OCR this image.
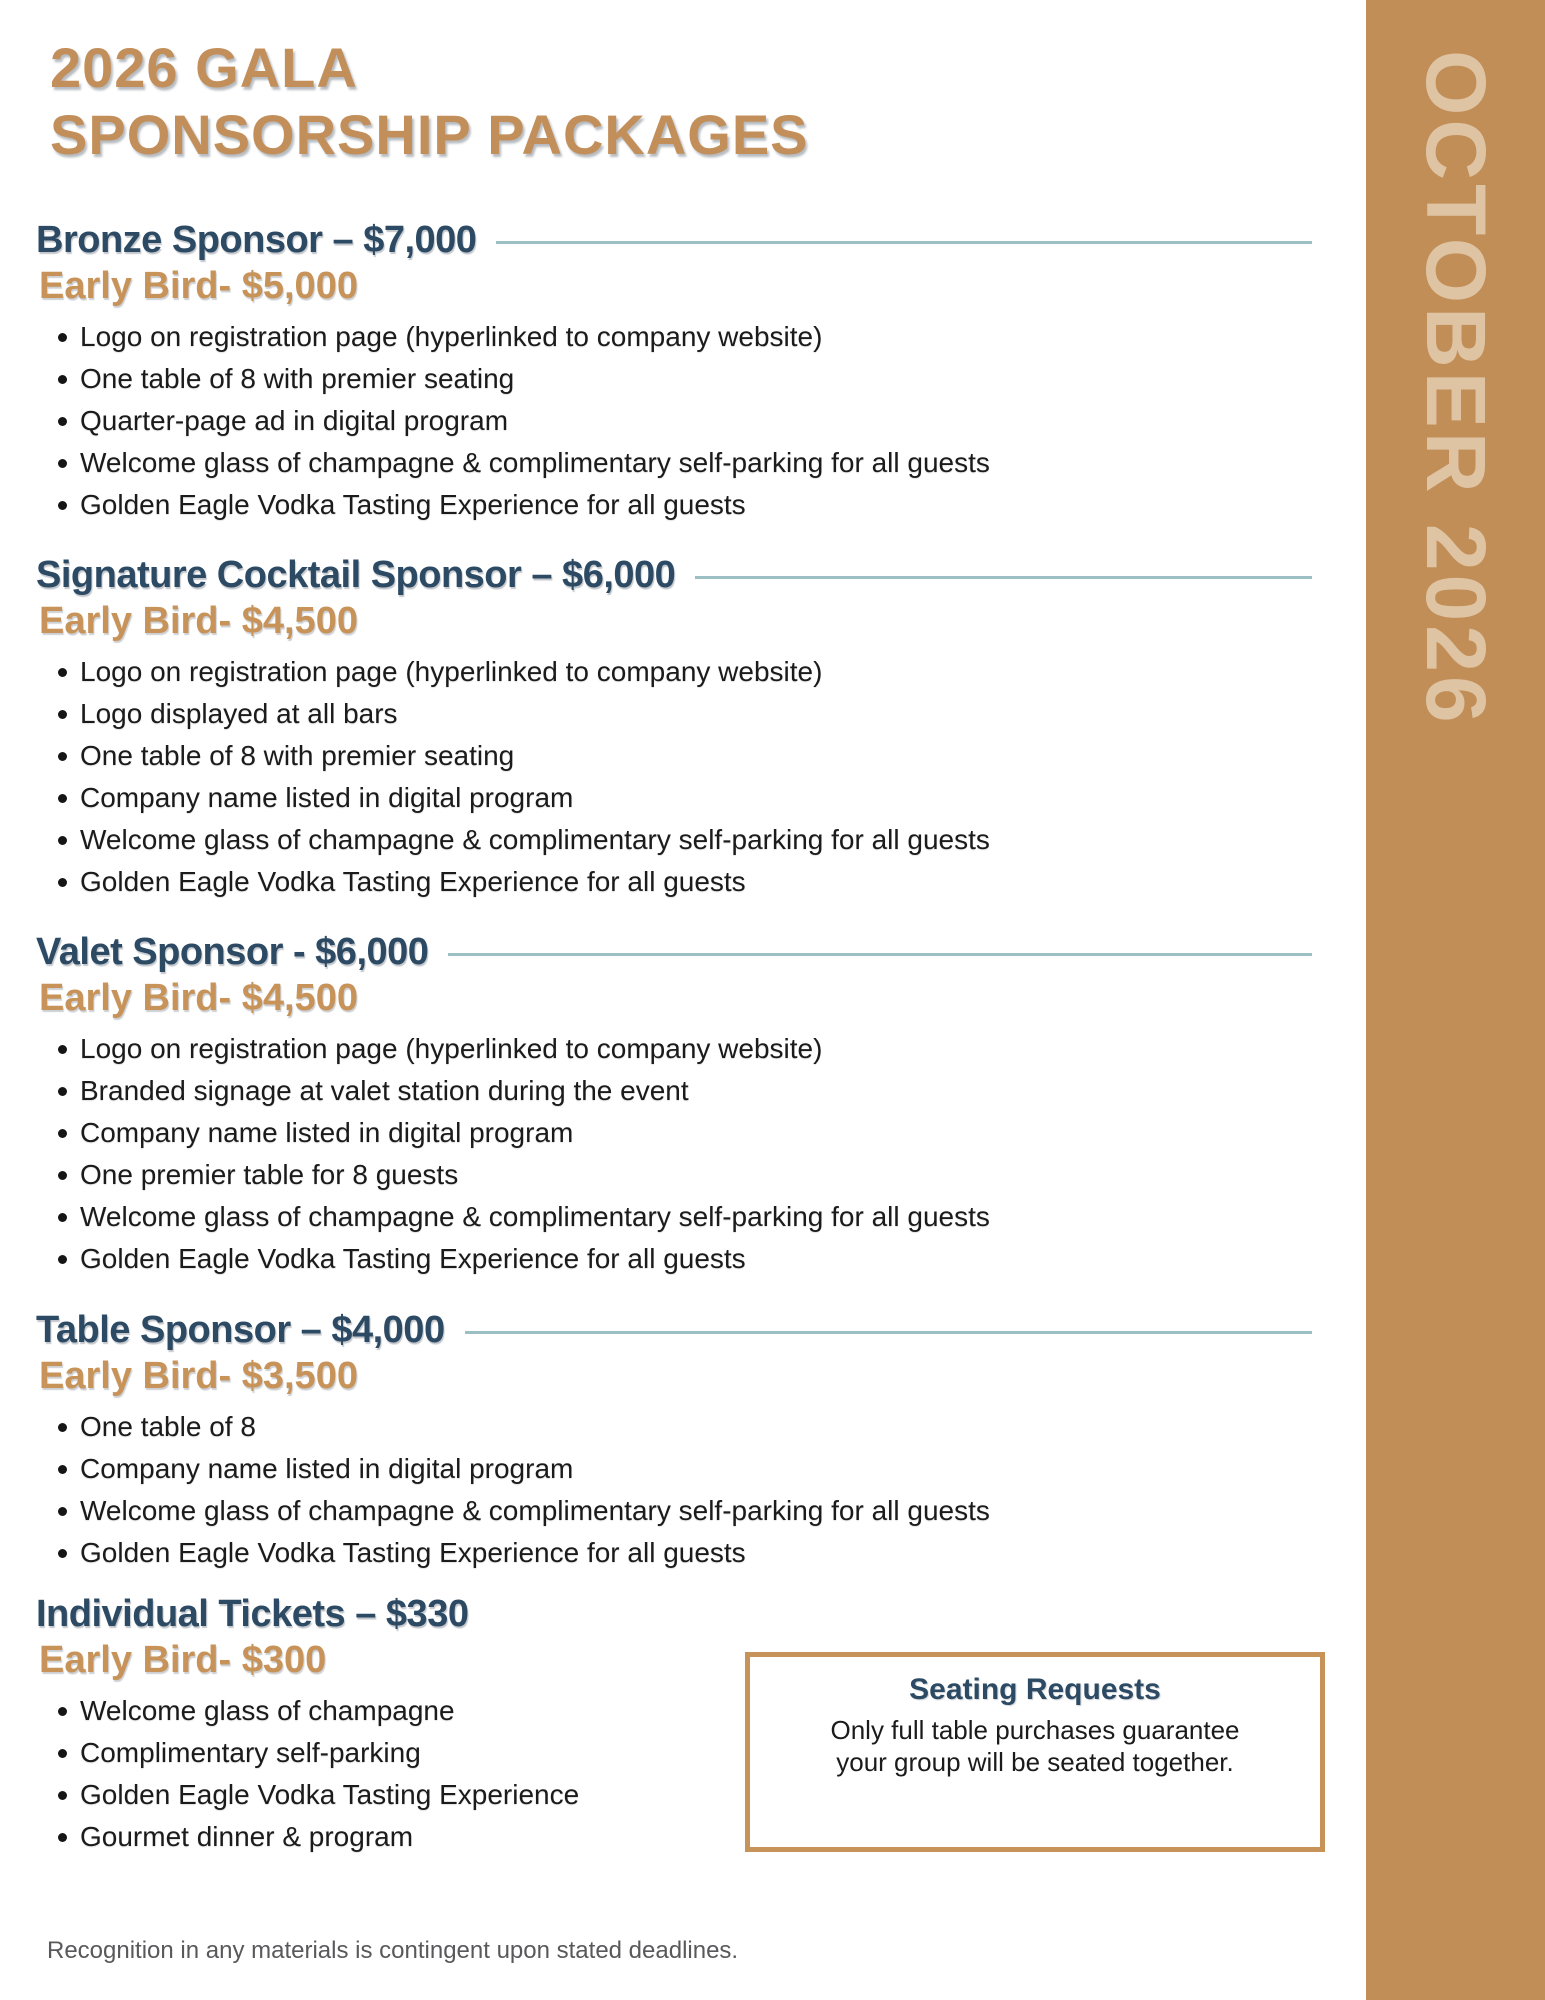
2026 GALA
SPONSORSHIP PACKAGES
Bronze Sponsor – $7,000
Early Bird- $5,000
Logo on registration page (hyperlinked to company website)
One table of 8 with premier seating
Quarter-page ad in digital program
Welcome glass of champagne & complimentary self-parking for all guests
Golden Eagle Vodka Tasting Experience for all guests
Signature Cocktail Sponsor – $6,000
Early Bird- $4,500
Logo on registration page (hyperlinked to company website)
Logo displayed at all bars
One table of 8 with premier seating
Company name listed in digital program
Welcome glass of champagne & complimentary self-parking for all guests
Golden Eagle Vodka Tasting Experience for all guests
Valet Sponsor - $6,000
Early Bird- $4,500
Logo on registration page (hyperlinked to company website)
Branded signage at valet station during the event
Company name listed in digital program
One premier table for 8 guests
Welcome glass of champagne & complimentary self-parking for all guests
Golden Eagle Vodka Tasting Experience for all guests
Table Sponsor – $4,000
Early Bird- $3,500
One table of 8
Company name listed in digital program
Welcome glass of champagne & complimentary self-parking for all guests
Golden Eagle Vodka Tasting Experience for all guests
Individual Tickets – $330
Early Bird- $300
Welcome glass of champagne
Complimentary self-parking
Golden Eagle Vodka Tasting Experience
Gourmet dinner & program
Seating Requests

Only full table purchases guarantee your group will be seated together.

Recognition in any materials is contingent upon stated deadlines.
OCTOBER 2026
